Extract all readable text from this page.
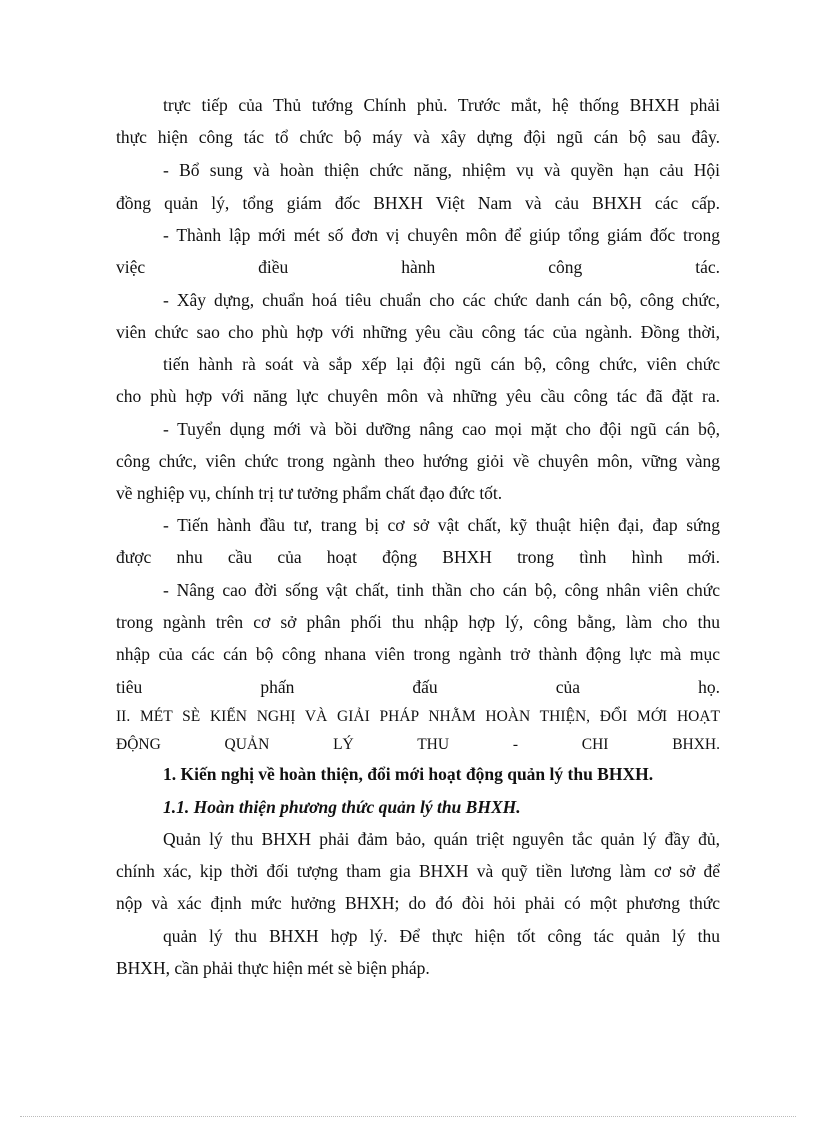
trực tiếp của Thủ tướng Chính phủ. Trước mắt, hệ thống BHXH phải
thực hiện công tác tổ chức bộ máy và xây dựng đội ngũ cán bộ sau đây.
- Bổ sung và hoàn thiện chức năng, nhiệm vụ và quyền hạn cảu Hội
đồng quản lý, tổng giám đốc BHXH Việt Nam và cảu BHXH các cấp.
- Thành lập mới mét số đơn vị chuyên môn để giúp tổng giám đốc trong
việc điều hành công tác.
- Xây dựng, chuẩn hoá tiêu chuẩn cho các chức danh cán bộ, công chức,
viên chức sao cho phù hợp với những yêu cầu công tác của ngành. Đồng thời,
tiến hành rà soát và sắp xếp lại đội ngũ cán bộ, công chức, viên chức
cho phù hợp với năng lực chuyên môn và những yêu cầu công tác đã đặt ra.
- Tuyển dụng mới và bồi dưỡng nâng cao mọi mặt cho đội ngũ cán bộ,
công chức, viên chức trong ngành theo hướng giỏi về chuyên môn, vững vàng
về nghiệp vụ, chính trị tư tưởng phẩm chất đạo đức tốt.
- Tiến hành đầu tư, trang bị cơ sở vật chất, kỹ thuật hiện đại, đap sứng
được nhu cầu của hoạt động BHXH trong tình hình mới.
- Nâng cao đời sống vật chất, tinh thần cho cán bộ, công nhân viên chức
trong ngành trên cơ sở phân phối thu nhập hợp lý, công bằng, làm cho thu
nhập của các cán bộ công nhana viên trong ngành trở thành động lực mà mục
tiêu phấn đấu của họ.
II. MÉT SÈ KIẾN NGHỊ VÀ GIẢI PHÁP NHẰM HOÀN THIỆN, ĐỔI MỚI HOẠT
ĐỘNG QUẢN LÝ THU - CHI BHXH.
1. Kiến nghị về hoàn thiện, đổi mới hoạt động quản lý thu BHXH.
1.1. Hoàn thiện phương thức quản lý thu BHXH.
Quản lý thu BHXH phải đảm bảo, quán triệt nguyên tắc quản lý đầy đủ,
chính xác, kịp thời đối tượng tham gia BHXH và quỹ tiền lương làm cơ sở để
nộp và xác định mức hưởng BHXH; do đó đòi hỏi phải có một phương thức
quản lý thu BHXH hợp lý. Để thực hiện tốt công tác quản lý thu
BHXH, cần phải thực hiện mét sè biện pháp.
